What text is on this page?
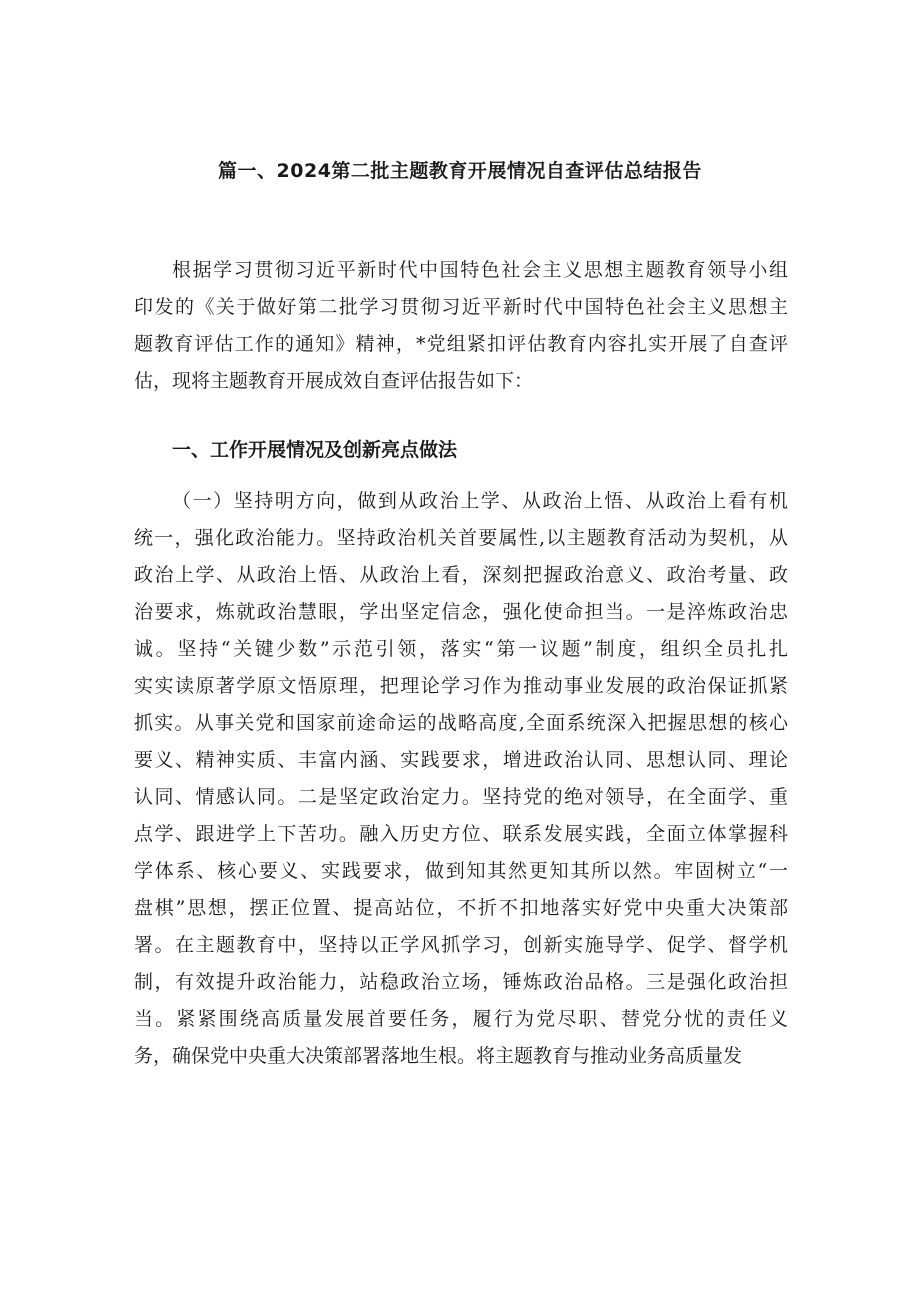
篇一、2024第二批主题教育开展情况自查评估总结报告
根据学习贯彻习近平新时代中国特色社会主义思想主题教育领导小组
印发的《关于做好第二批学习贯彻习近平新时代中国特色社会主义思想主
题教育评估工作的通知》精神，*党组紧扣评估教育内容扎实开展了自查评
估，现将主题教育开展成效自查评估报告如下：
一、工作开展情况及创新亮点做法
（一）坚持明方向，做到从政治上学、从政治上悟、从政治上看有机
统一，强化政治能力。坚持政治机关首要属性,以主题教育活动为契机，从
政治上学、从政治上悟、从政治上看，深刻把握政治意义、政治考量、政
治要求，炼就政治慧眼，学出坚定信念，强化使命担当。一是淬炼政治忠
诚。坚持“关键少数”示范引领，落实“第一议题”制度，组织全员扎扎
实实读原著学原文悟原理，把理论学习作为推动事业发展的政治保证抓紧
抓实。从事关党和国家前途命运的战略高度,全面系统深入把握思想的核心
要义、精神实质、丰富内涵、实践要求，增进政治认同、思想认同、理论
认同、情感认同。二是坚定政治定力。坚持党的绝对领导，在全面学、重
点学、跟进学上下苦功。融入历史方位、联系发展实践，全面立体掌握科
学体系、核心要义、实践要求，做到知其然更知其所以然。牢固树立“一
盘棋”思想，摆正位置、提高站位，不折不扣地落实好党中央重大决策部
署。在主题教育中，坚持以正学风抓学习，创新实施导学、促学、督学机
制，有效提升政治能力，站稳政治立场，锤炼政治品格。三是强化政治担
当。紧紧围绕高质量发展首要任务，履行为党尽职、替党分忧的责任义
务，确保党中央重大决策部署落地生根。将主题教育与推动业务高质量发
